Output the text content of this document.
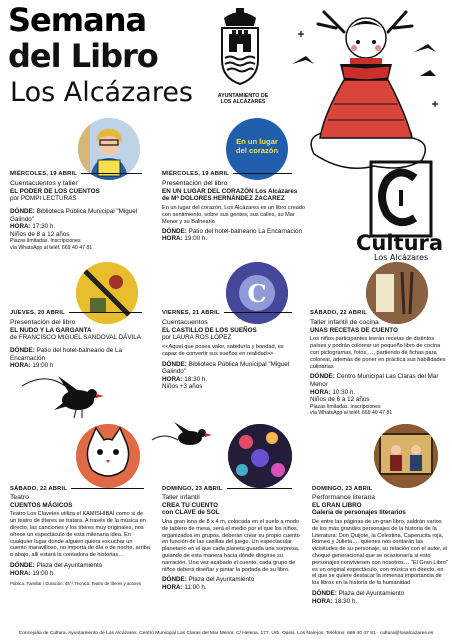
Semana
del Libro
Los Alcázares	AYUNTAMIENTO DE
LOS ALCÁZARES
MIÉRCOLES, 19 ABRIL
Cuentacuentos y taller
EL PODER DE LOS CUENTOS
por POMPI LECTURAS
DÓNDE: Biblioteca Pública Municipal "Miguel Galindo"
HORA: 17:30 h.
Niños de 8 a 12 años
Plazas limitadas. Inscripciones
vía WhatsApp al teléf. 669 40 47 81
En un lugar
del corazón
MIÉRCOLES, 19 ABRIL
Presentación del libro
EN UN LUGAR DEL CORAZÓN Los Alcázares
de Mª DOLORES HERNÁNDEZ ZACAREZ
En un lugar del corazón, Los Alcázares es un libro creado con sentimiento, sobre sus gentes, sus calles, su Mar Menor y su Balneario
DÓNDE: Patio del hotel-balneario La Encarnación
HORA: 19:00 h.	Cultura
Los Alcázares
JUEVES, 20 ABRIL
Presentación del libro
EL NUDO Y LA GARGANTA
de FRANCISCO MIGUEL SANDOVAL DÁVILA
DÓNDE: Patio del hotel-balneario de La Encarnación
HORA: 19:00 h
C
VIERNES, 21 ABRIL
Cuentacuentos
EL CASTILLO DE LOS SUEÑOS
por LAURA ROS LÓPEZ
<<Aquel que posea valor, sabiduría y bondad, es capaz de convertir sus sueños en realidad>>
DÓNDE: Biblioteca Pública Municipal "Miguel Galindo"
HORA: 18:30 h.
Niños +3 años
SÁBADO, 22 ABRIL
Taller infantil de cocina
UNAS RECETAS DE CUENTO
Los niños participantes leerán recetas de distintos países y podrán colorear un pequeño libro de cocina con pictogramas, fotos,…, partiendo de fichas para colorear, además de poner en práctica sus habilidades culinarias
DÓNDE: Centro Municipal Las Claras del Mar Menor
HORA: 10:30 h.
Niños de 6 a 12 años
Plazas limitadas. Inscripciones
vía WhatsApp al teléf. 669 40 47 81
SÁBADO, 22 ABRIL
Teatro
CUENTOS MÁGICOS
Teatro Los Claveles utiliza el KAMISHIBAI como si de un teatro de títeres se tratara. A través de la música en directo, las canciones y los títeres muy originales, nos ofrece un espectáculo de esta milenaria idea. En cualquier lugar donde alguien quiera escuchar un cuento maravilloso, no importa de día o de noche, arriba o abajo, allí estará la contadora de historias…
DÓNDE: Plaza del Ayuntamiento
HORA: 19:00 h.
Público: Familiar / Duración: 45' / Técnica: Teatro de títeres y actores
DOMINGO, 23 ABRIL
Taller infantil
CREA TU CUENTO
con CLAVE de SOL
Una gran lona de 8 x 4 m, colocada en el suelo a modo de tablero de mesa, será el medio por el que los niños, organizados en grupos, deberán crear su propio cuento en función de las casillas del juego. Un espectacular planetario en el que cada planeta guarda una sorpresa, guiando de esta manera hacia dónde dirigirse su narración. Una vez acabado el cuento, cada grupo de niños deberá diseñar y pintar la portada de su libro.
DÓNDE: Plaza del Ayuntamiento
HORA: 11:00 h.
DOMINGO, 23 ABRIL
Performance literaria
EL GRAN LIBRO
Galería de personajes literarios
De entre las páginas de un gran libro, saldrán varios de los más grandes personajes de la historia de la Literatura: Don Quijote, la Celestina, Caperucita roja, Romeo y Julieta…. quienes nos contarán las vicisitudes de su personaje, su relación con el autor, el choque generacional que se ocasionaría si esto personajes conviviesen con nosotros… "El Gran Libro" es un original espectáculo, con música en directo, en el que se quiere destacar la inmensa importancia de los libros en la historia de la humanidad
DÓNDE: Plaza del Ayuntamiento
HORA: 18:30 h.
Concejalía de Cultura. Ayuntamiento de Los Alcázares. Centro Municipal Las Claras del Mar Menor. C/ Helena, 177. Urb. Oasis. Los Narejos. Teléfono: 669 40 47 81 · cultura@losalcazares.es
